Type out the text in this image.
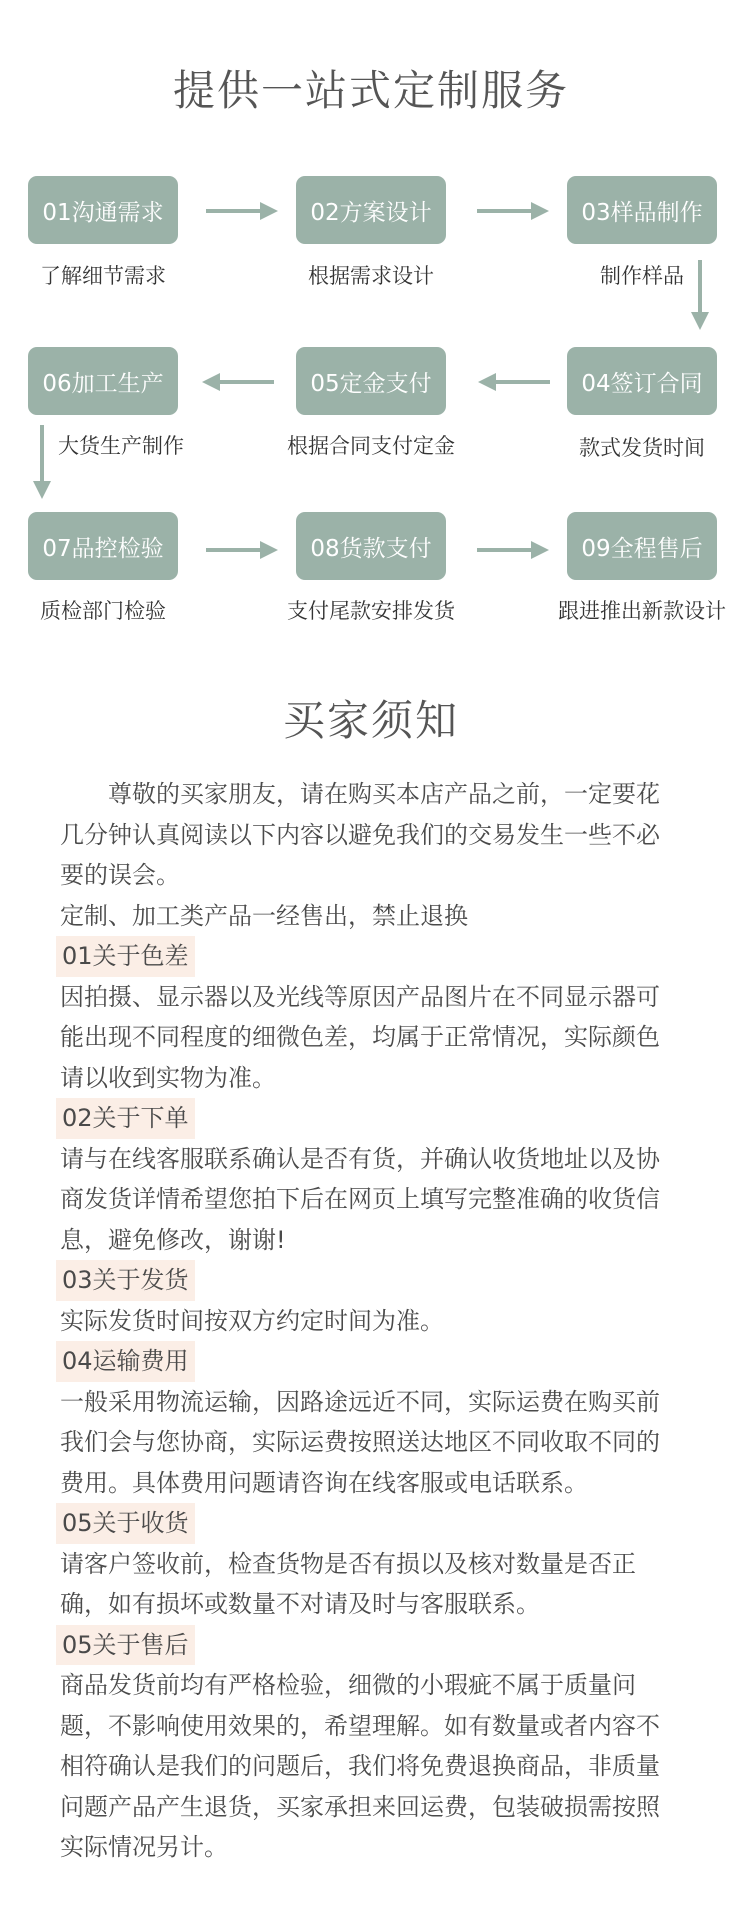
提供一站式定制服务
01沟通需求
了解细节需求
02方案设计
根据需求设计
03样品制作
制作样品
06加工生产
大货生产制作
05定金支付
根据合同支付定金
04签订合同
款式发货时间
07品控检验
质检部门检验
08货款支付
支付尾款安排发货
09全程售后
跟进推出新款设计
买家须知

尊敬的买家朋友，请在购买本店产品之前，一定要花几分钟认真阅读以下内容以避免我们的交易发生一些不必要的误会。

定制、加工类产品一经售出，禁止退换

01关于色差

因拍摄、显示器以及光线等原因产品图片在不同显示器可能出现不同程度的细微色差，均属于正常情况，实际颜色请以收到实物为准。

02关于下单

请与在线客服联系确认是否有货，并确认收货地址以及协商发货详情希望您拍下后在网页上填写完整准确的收货信息，避免修改，谢谢!

03关于发货

实际发货时间按双方约定时间为准。

04运输费用

一般采用物流运输，因路途远近不同，实际运费在购买前我们会与您协商，实际运费按照送达地区不同收取不同的费用。具体费用问题请咨询在线客服或电话联系。

05关于收货

请客户签收前，检查货物是否有损以及核对数量是否正确，如有损坏或数量不对请及时与客服联系。

05关于售后

商品发货前均有严格检验，细微的小瑕疵不属于质量问题，不影响使用效果的，希望理解。如有数量或者内容不相符确认是我们的问题后，我们将免费退换商品，非质量问题产品产生退货，买家承担来回运费，包装破损需按照实际情况另计。
